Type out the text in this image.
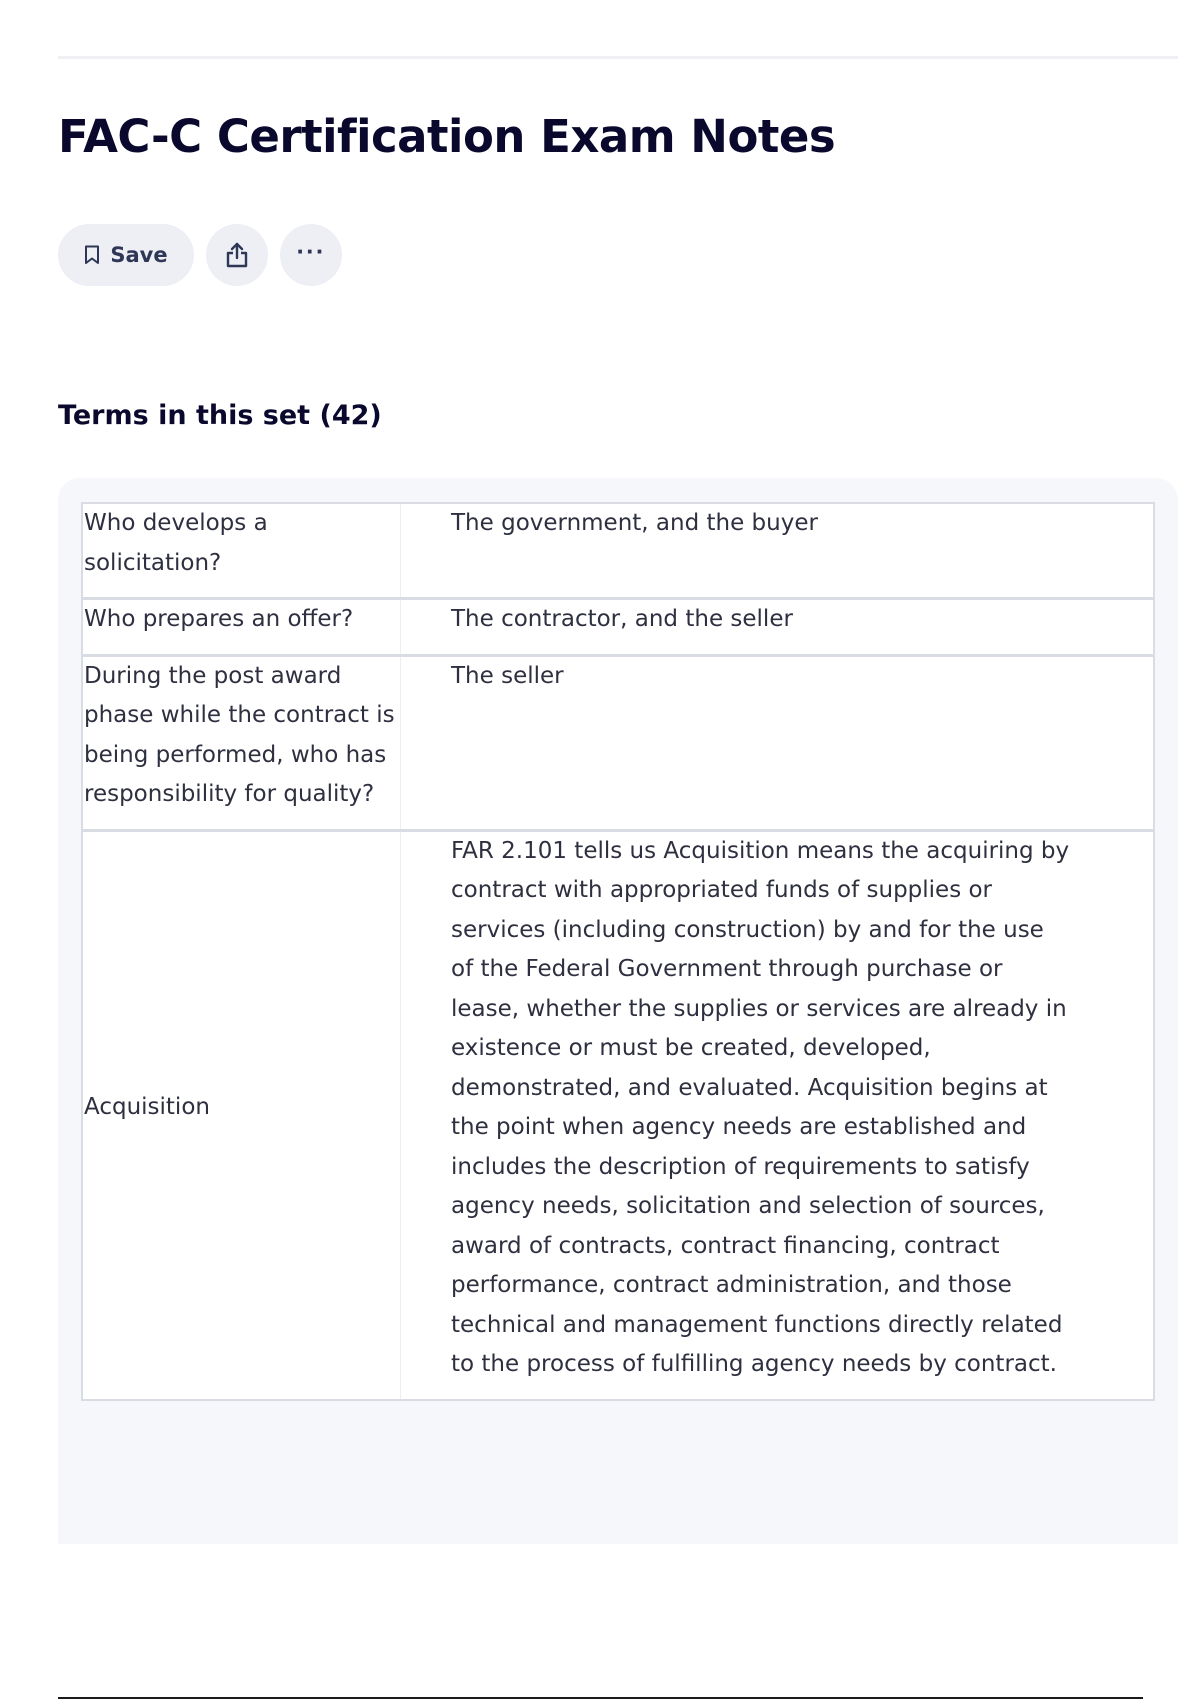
FAC-C Certification Exam Notes
Save	···
Terms in this set (42)
Who develops a solicitation?
The government, and the buyer
Who prepares an offer?	The contractor, and the seller
During the post award phase while the contract is being performed, who has responsibility for quality?
The seller
Acquisition
FAR 2.101 tells us Acquisition means the acquiring by contract with appropriated funds of supplies or services (including construction) by and for the use of the Federal Government through purchase or lease, whether the supplies or services are already in existence or must be created, developed, demonstrated, and evaluated. Acquisition begins at the point when agency needs are established and includes the description of requirements to satisfy agency needs, solicitation and selection of sources, award of contracts, contract financing, contract performance, contract administration, and those technical and management functions directly related to the process of fulfilling agency needs by contract.
